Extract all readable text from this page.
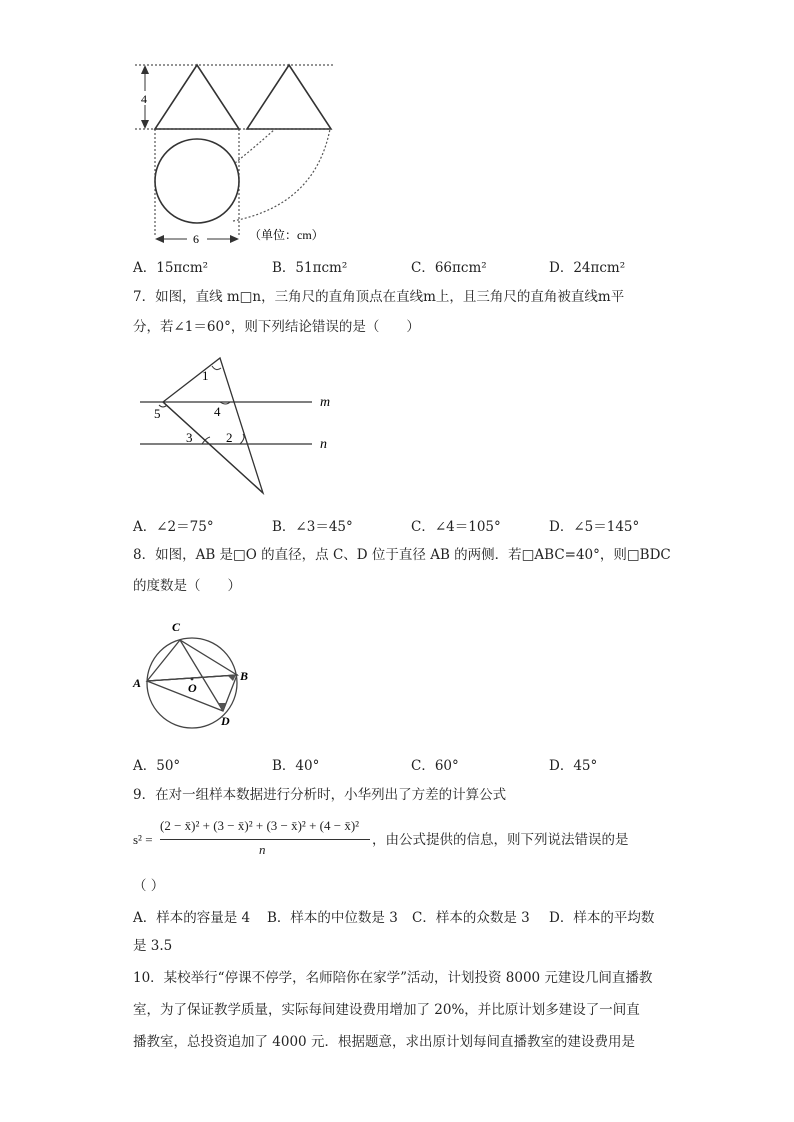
6
4
（单位：cm）
A．15πcm²	B．51πcm²	C．66πcm²	D．24πcm²
7．如图，直线 m□n，三角尺的直角顶点在直线m上，且三角尺的直角被直线m平
分，若∠1＝60°，则下列结论错误的是（　　）
1
5	4
3	2
m
n
A．∠2＝75°	B．∠3＝45°	C．∠4＝105°	D．∠5＝145°
8．如图，AB 是□O 的直径，点 C、D 位于直径 AB 的两侧．若□ABC=40°，则□BDC
的度数是（　　）
C
A	B
D
O
A．50°	B．40°	C．60°	D．45°
9．在对一组样本数据进行分析时，小华列出了方差的计算公式
s² =
(2 − x̄)² + (3 − x̄)² + (3 − x̄)² + (4 − x̄)²
n
，由公式提供的信息，则下列说法错误的是
（ ）
A．样本的容量是 4 B．样本的中位数是 3 C．样本的众数是 3 D．样本的平均数
是 3.5
10．某校举行“停课不停学，名师陪你在家学”活动，计划投资 8000 元建设几间直播教
室，为了保证教学质量，实际每间建设费用增加了 20%，并比原计划多建设了一间直
播教室，总投资追加了 4000 元．根据题意，求出原计划每间直播教室的建设费用是
